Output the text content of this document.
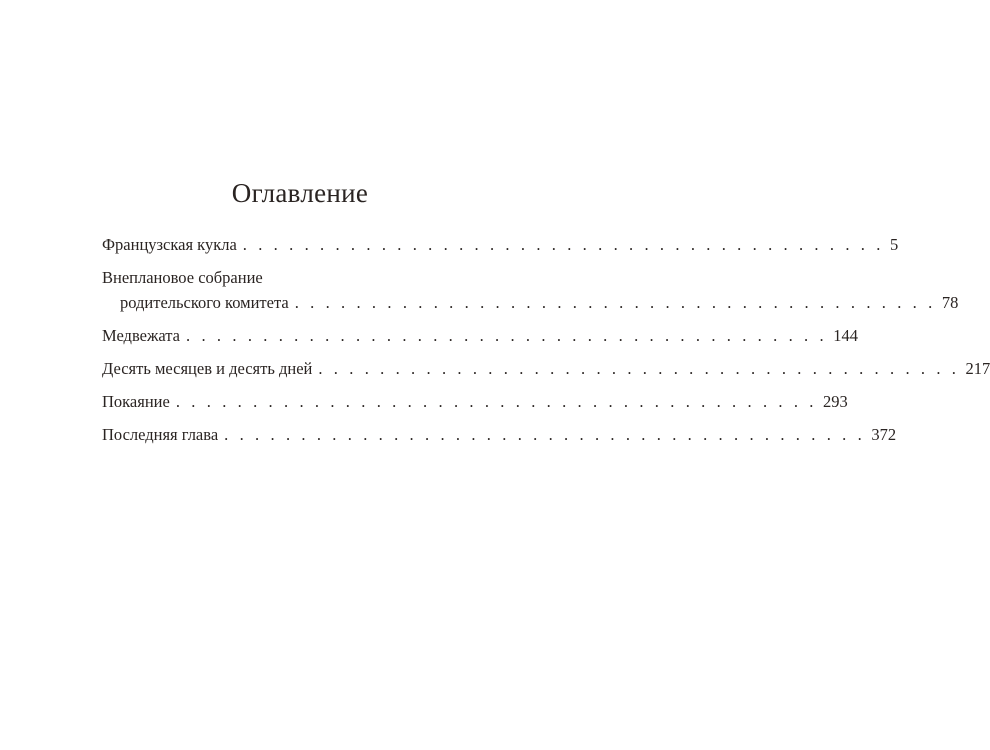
Оглавление
Французская кукла . . . . . . . . . . . . . . . . . . . . . . . . . . . . . . . . . . . . . . . . . . 5
Внеплановое собрание
родительского комитета . . . . . . . . . . . . . . . . . . . . . . . . . . . . . . . . . . . . . . . . . . 78
Медвежата . . . . . . . . . . . . . . . . . . . . . . . . . . . . . . . . . . . . . . . . . . 144
Десять месяцев и десять дней . . . . . . . . . . . . . . . . . . . . . . . . . . . . . . . . . . . . . . . . . . 217
Покаяние . . . . . . . . . . . . . . . . . . . . . . . . . . . . . . . . . . . . . . . . . . 293
Последняя глава . . . . . . . . . . . . . . . . . . . . . . . . . . . . . . . . . . . . . . . . . . 372
